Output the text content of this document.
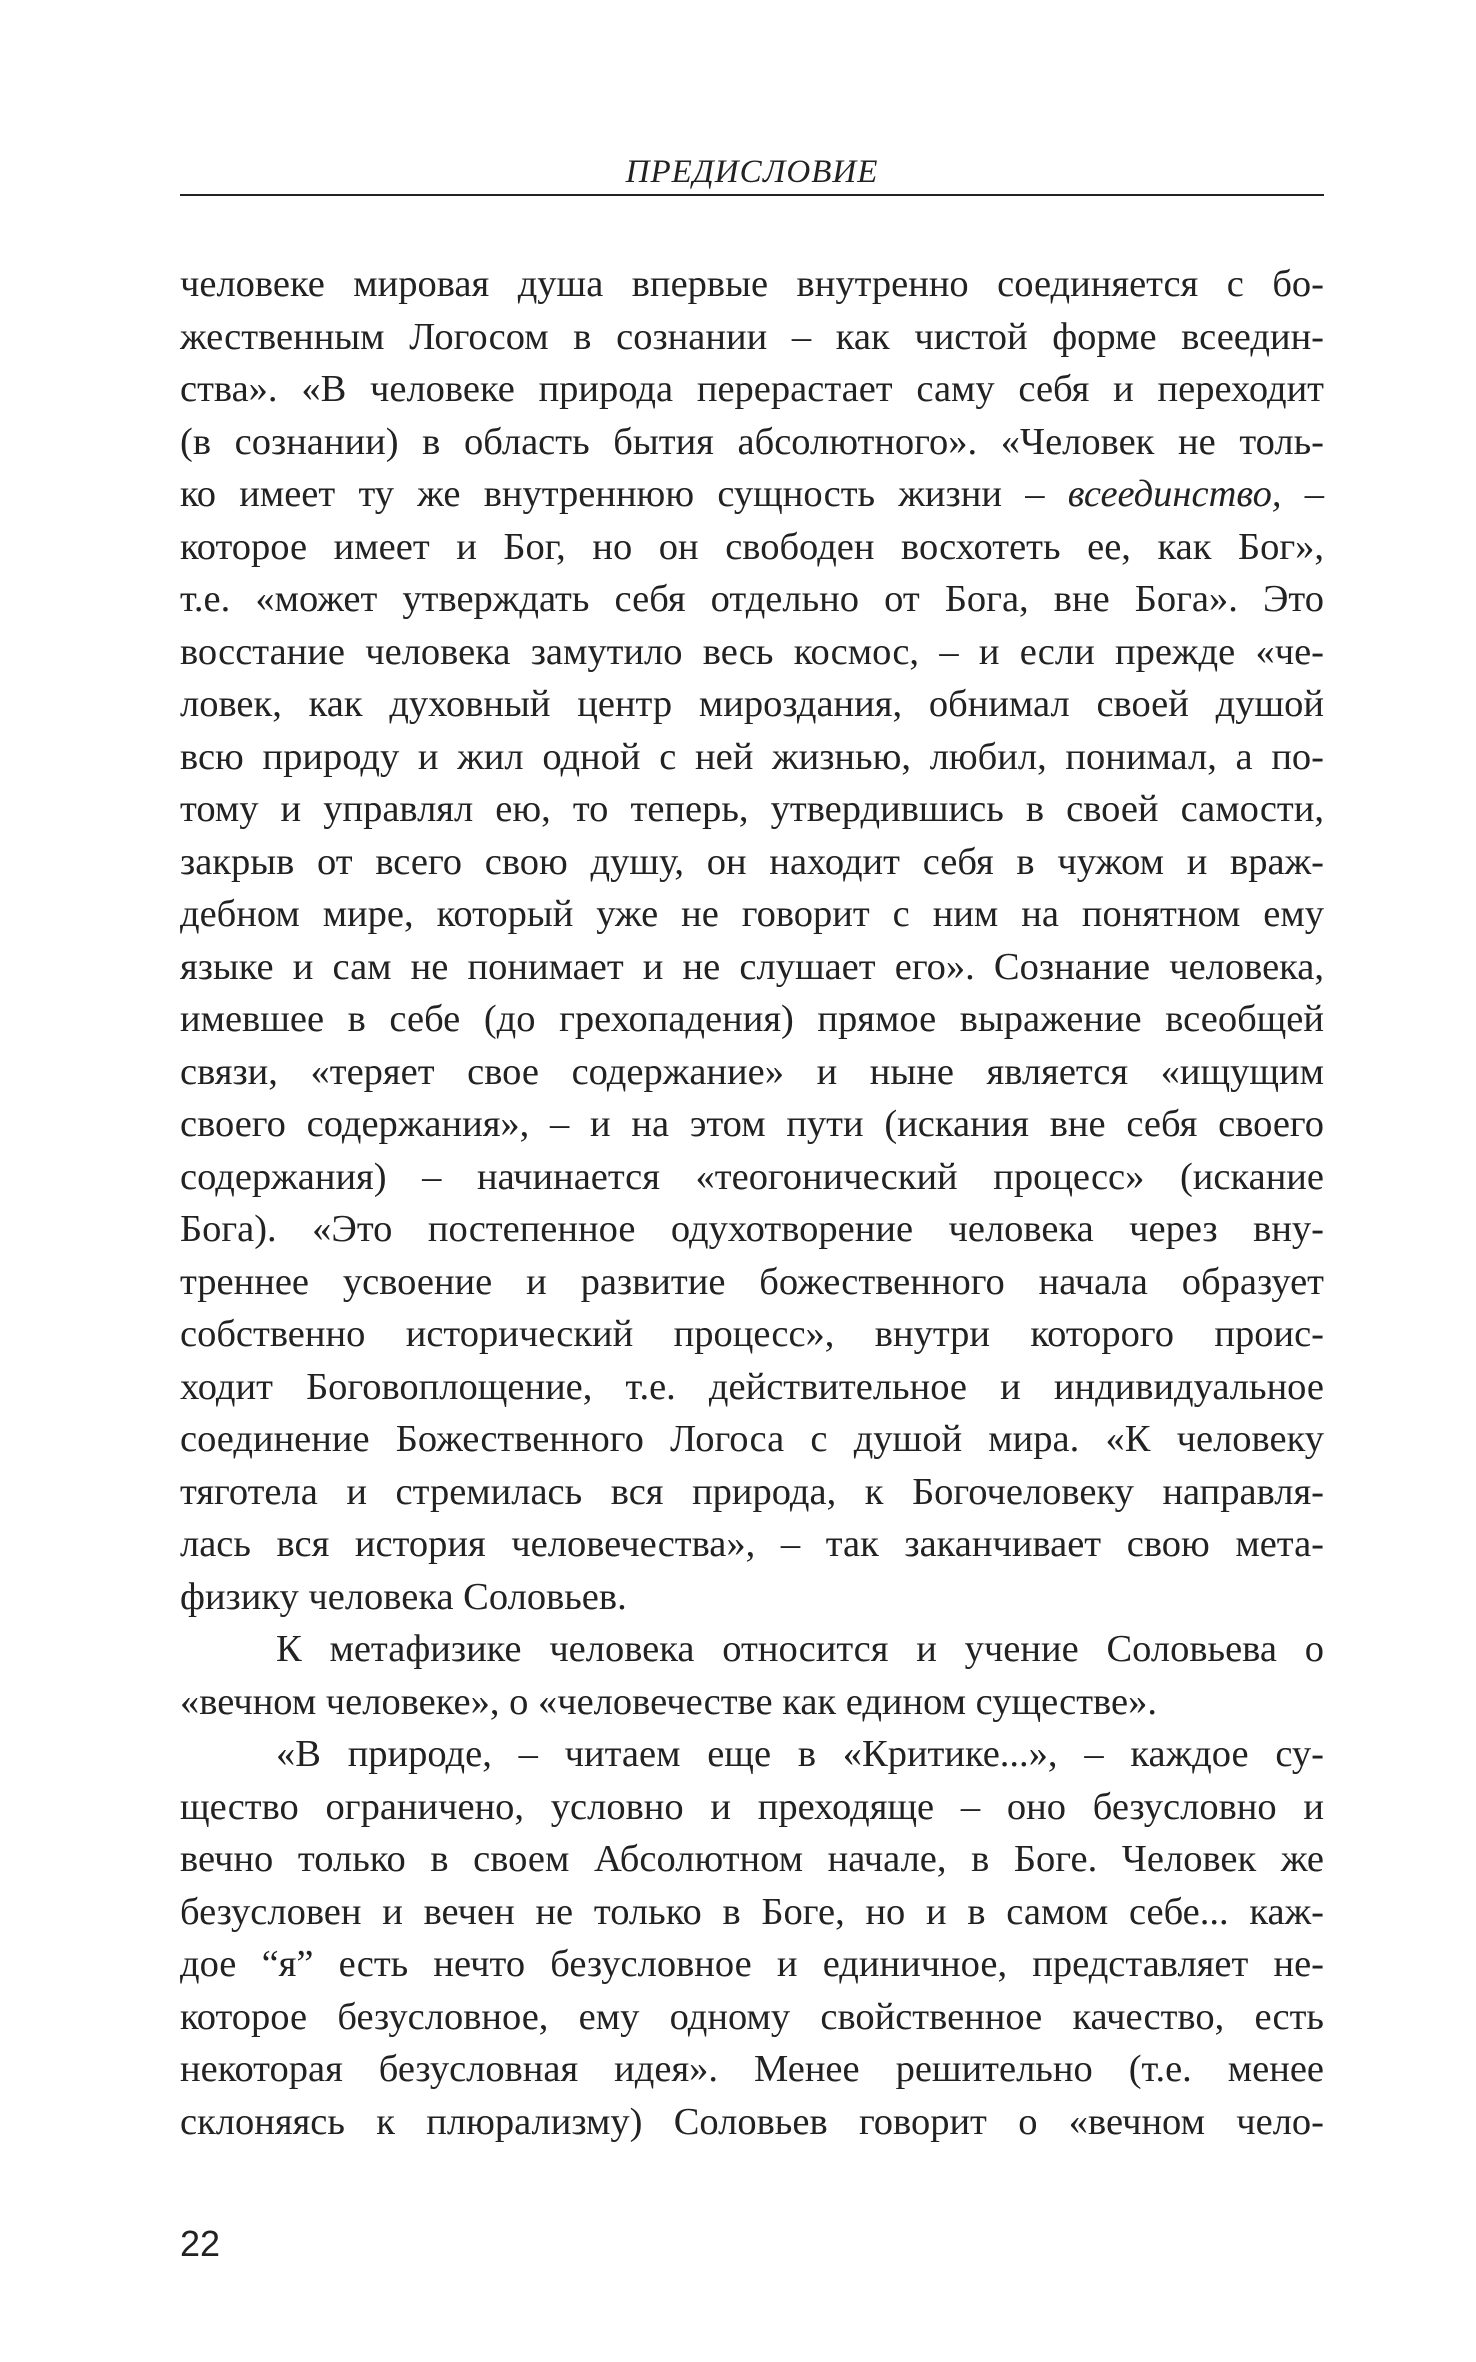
ПРЕДИСЛОВИЕ
человеке мировая душа впервые внутренно соединяется с бо-
жественным Логосом в сознании – как чистой форме всеедин-
ства». «В человеке природа перерастает саму себя и переходит
(в сознании) в область бытия абсолютного». «Человек не толь-
ко имеет ту же внутреннюю сущность жизни – всеединство, –
которое имеет и Бог, но он свободен восхотеть ее, как Бог»,
т.е. «может утверждать себя отдельно от Бога, вне Бога». Это
восстание человека замутило весь космос, – и если прежде «че-
ловек, как духовный центр мироздания, обнимал своей душой
всю природу и жил одной с ней жизнью, любил, понимал, а по-
тому и управлял ею, то теперь, утвердившись в своей самости,
закрыв от всего свою душу, он находит себя в чужом и враж-
дебном мире, который уже не говорит с ним на понятном ему
языке и сам не понимает и не слушает его». Сознание человека,
имевшее в себе (до грехопадения) прямое выражение всеобщей
связи, «теряет свое содержание» и ныне является «ищущим
своего содержания», – и на этом пути (искания вне себя своего
содержания) – начинается «теогонический процесс» (искание
Бога). «Это постепенное одухотворение человека через вну-
треннее усвоение и развитие божественного начала образует
собственно исторический процесс», внутри которого проис-
ходит Боговоплощение, т.е. действительное и индивидуальное
соединение Божественного Логоса с душой мира. «К человеку
тяготела и стремилась вся природа, к Богочеловеку направля-
лась вся история человечества», – так заканчивает свою мета-
физику человека Соловьев.
К метафизике человека относится и учение Соловьева о
«вечном человеке», о «человечестве как едином существе».
«В природе, – читаем еще в «Критике...», – каждое су-
щество ограничено, условно и преходяще – оно безусловно и
вечно только в своем Абсолютном начале, в Боге. Человек же
безусловен и вечен не только в Боге, но и в самом себе... каж-
дое “я” есть нечто безусловное и единичное, представляет не-
которое безусловное, ему одному свойственное качество, есть
некоторая безусловная идея». Менее решительно (т.е. менее
склоняясь к плюрализму) Соловьев говорит о «вечном чело-
22
